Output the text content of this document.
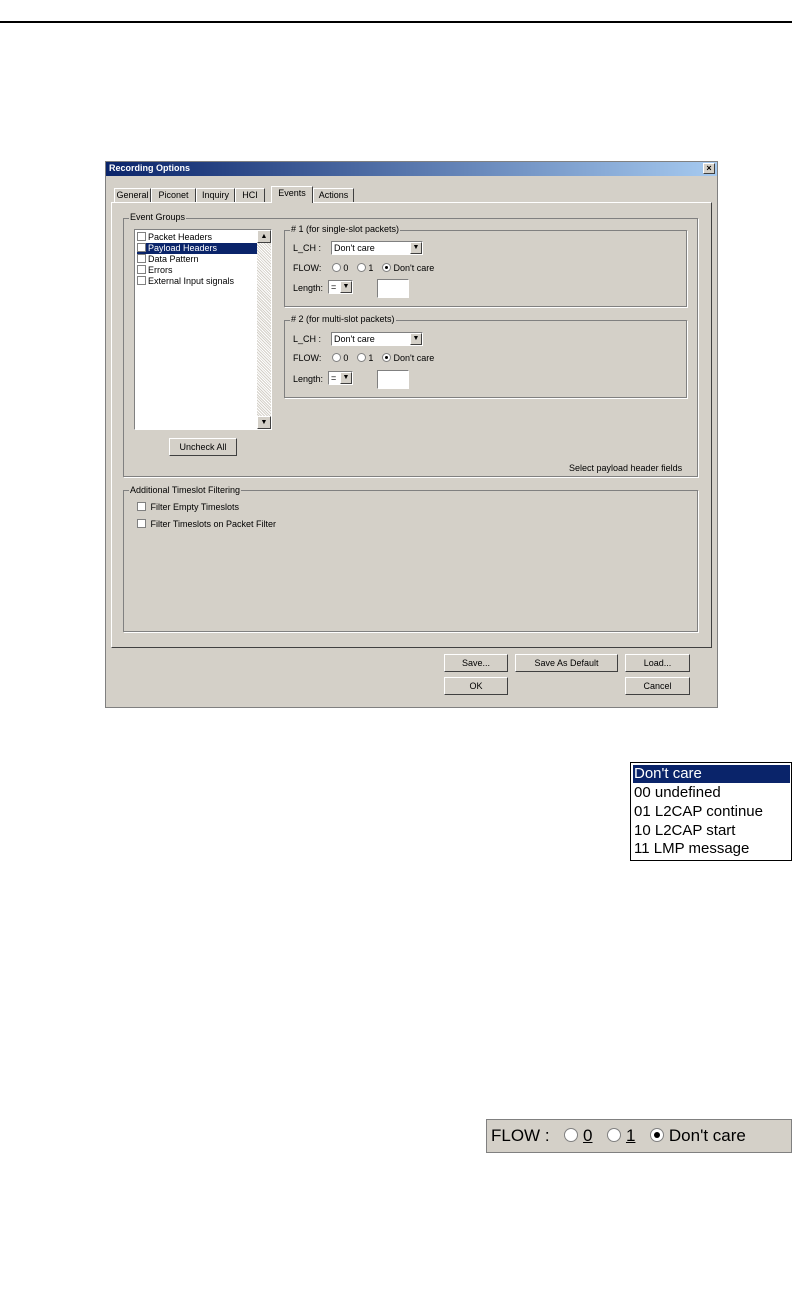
Recording Options	×
General	Piconet	Inquiry	HCI	Events	Actions
Event Groups
Packet Headers
Payload Headers
Data Pattern
Errors
External Input signals
▲
▼
Uncheck All
Select payload header fields
# 1 (for single-slot packets)
L_CH :	Don't care	▼
FLOW: 0 1 Don't care
Length: = ▼
# 2 (for multi-slot packets)
L_CH :	Don't care	▼
FLOW: 0 1 Don't care
Length: = ▼
Additional Timeslot Filtering
Filter Empty Timeslots
Filter Timeslots on Packet Filter
Save...	Save As Default	Load...
OK	Cancel
Don't care
00 undefined
01 L2CAP continue
10 L2CAP start
11 LMP message
FLOW : 0 1 Don't care
